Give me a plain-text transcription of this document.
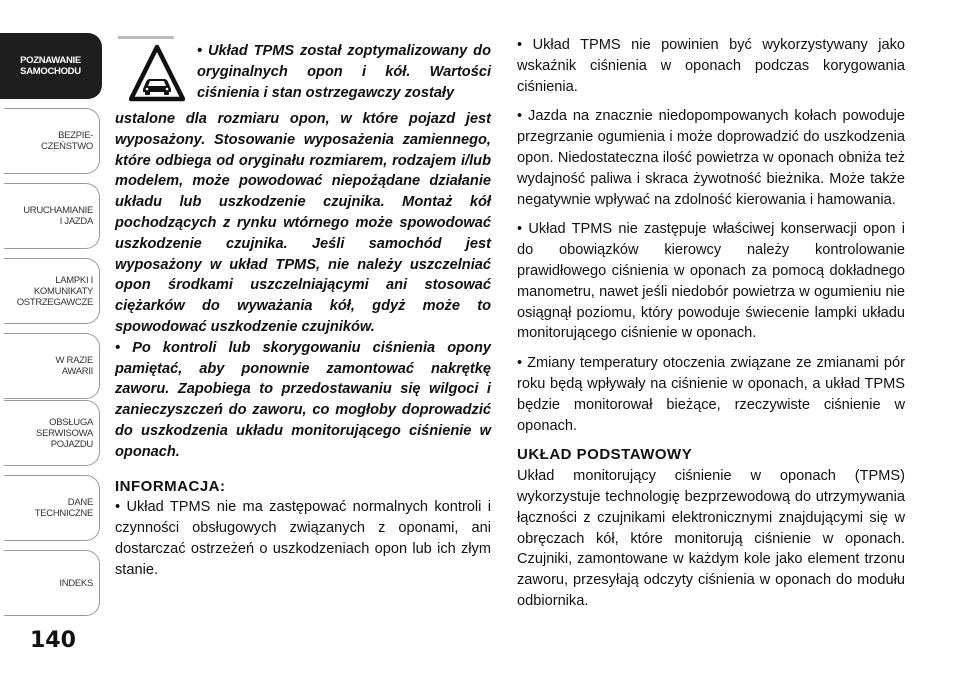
POZNAWANIE
SAMOCHODU
BEZPIE-
CZEŃSTWO
URUCHAMIANIE
I JAZDA
LAMPKI I
KOMUNIKATY
OSTRZEGAWCZE
W RAZIE
AWARII
OBSŁUGA
SERWISOWA
POJAZDU
DANE
TECHNICZNE
INDEKS
140
• Układ TPMS został zoptymalizowany do oryginalnych opon i kół. Wartości ciśnienia i stan ostrzegawczy zostały

ustalone dla rozmiaru opon, w które pojazd jest wyposażony. Stosowanie wyposażenia zamiennego, które odbiega od oryginału rozmiarem, rodzajem i/lub modelem, może powodować niepożądane działanie układu lub uszkodzenie czujnika. Montaż kół pochodzących z rynku wtórnego może spowodować uszkodzenie czujnika. Jeśli samochód jest wyposażony w układ TPMS, nie należy uszczelniać opon środkami uszczelniającymi ani stosować ciężarków do wyważania kół, gdyż może to spowodować uszkodzenie czujników.

• Po kontroli lub skorygowaniu ciśnienia opony pamiętać, aby ponownie zamontować nakrętkę zaworu. Zapobiega to przedostawaniu się wilgoci i zanieczyszczeń do zaworu, co mogłoby doprowadzić do uszkodzenia układu monitorującego ciśnienie w oponach.

INFORMACJA:

• Układ TPMS nie ma zastępować normalnych kontroli i czynności obsługowych związanych z oponami, ani dostarczać ostrzeżeń o uszkodzeniach opon lub ich złym stanie.

• Układ TPMS nie powinien być wykorzystywany jako wskaźnik ciśnienia w oponach podczas korygowania ciśnienia.

• Jazda na znacznie niedopompowanych kołach powoduje przegrzanie ogumienia i może doprowadzić do uszkodzenia opon. Niedostateczna ilość powietrza w oponach obniża też wydajność paliwa i skraca żywotność bieżnika. Może także negatywnie wpływać na zdolność kierowania i hamowania.

• Układ TPMS nie zastępuje właściwej konserwacji opon i do obowiązków kierowcy należy kontrolowanie prawidłowego ciśnienia w oponach za pomocą dokładnego manometru, nawet jeśli niedobór powietrza w ogumieniu nie osiągnął poziomu, który powoduje świecenie lampki układu monitorującego ciśnienie w oponach.

• Zmiany temperatury otoczenia związane ze zmianami pór roku będą wpływały na ciśnienie w oponach, a układ TPMS będzie monitorował bieżące, rzeczywiste ciśnienie w oponach.

UKŁAD PODSTAWOWY

Układ monitorujący ciśnienie w oponach (TPMS) wykorzystuje technologię bezprzewodową do utrzymywania łączności z czujnikami elektronicznymi znajdującymi się w obręczach kół, które monitorują ciśnienie w oponach. Czujniki, zamontowane w każdym kole jako element trzonu zaworu, przesyłają odczyty ciśnienia w oponach do modułu odbiornika.
